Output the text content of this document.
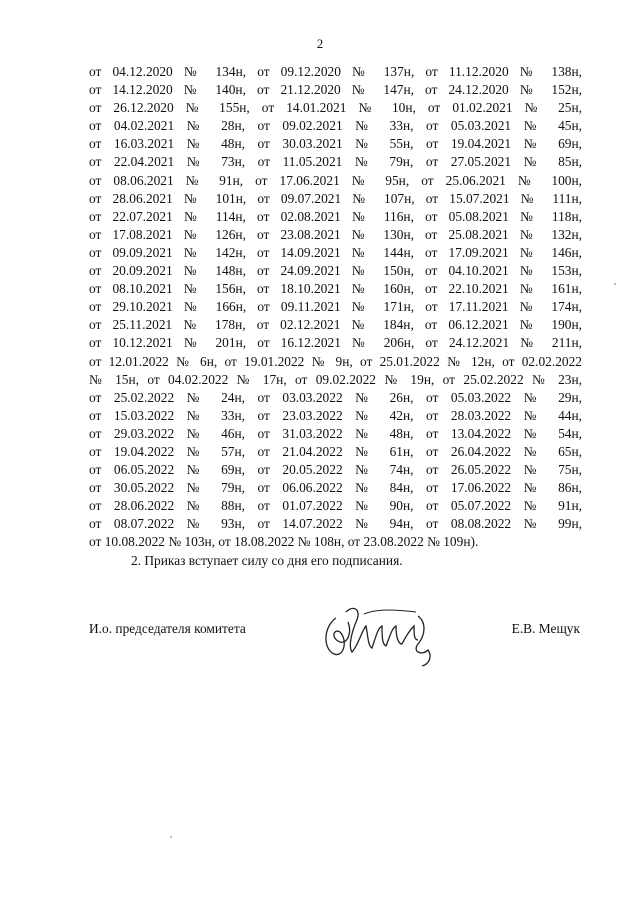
2
от 04.12.2020 № 134н, от 09.12.2020 № 137н, от 11.12.2020 № 138н,
от 14.12.2020 № 140н, от 21.12.2020 № 147н, от 24.12.2020 № 152н,
от 26.12.2020 № 155н, от 14.01.2021 № 10н, от 01.02.2021 № 25н,
от 04.02.2021 № 28н, от 09.02.2021 № 33н, от 05.03.2021 № 45н,
от 16.03.2021 № 48н, от 30.03.2021 № 55н, от 19.04.2021 № 69н,
от 22.04.2021 № 73н, от 11.05.2021 № 79н, от 27.05.2021 № 85н,
от 08.06.2021 № 91н, от 17.06.2021 № 95н, от 25.06.2021 № 100н,
от 28.06.2021 № 101н, от 09.07.2021 № 107н, от 15.07.2021 № 111н,
от 22.07.2021 № 114н, от 02.08.2021 № 116н, от 05.08.2021 № 118н,
от 17.08.2021 № 126н, от 23.08.2021 № 130н, от 25.08.2021 № 132н,
от 09.09.2021 № 142н, от 14.09.2021 № 144н, от 17.09.2021 № 146н,
от 20.09.2021 № 148н, от 24.09.2021 № 150н, от 04.10.2021 № 153н,
от 08.10.2021 № 156н, от 18.10.2021 № 160н, от 22.10.2021 № 161н,
от 29.10.2021 № 166н, от 09.11.2021 № 171н, от 17.11.2021 № 174н,
от 25.11.2021 № 178н, от 02.12.2021 № 184н, от 06.12.2021 № 190н,
от 10.12.2021 № 201н, от 16.12.2021 № 206н, от 24.12.2021 № 211н,
от 12.01.2022 № 6н, от 19.01.2022 № 9н, от 25.01.2022 № 12н, от 02.02.2022
№ 15н, от 04.02.2022 № 17н, от 09.02.2022 № 19н, от 25.02.2022 № 23н,
от 25.02.2022 № 24н, от 03.03.2022 № 26н, от 05.03.2022 № 29н,
от 15.03.2022 № 33н, от 23.03.2022 № 42н, от 28.03.2022 № 44н,
от 29.03.2022 № 46н, от 31.03.2022 № 48н, от 13.04.2022 № 54н,
от 19.04.2022 № 57н, от 21.04.2022 № 61н, от 26.04.2022 № 65н,
от 06.05.2022 № 69н, от 20.05.2022 № 74н, от 26.05.2022 № 75н,
от 30.05.2022 № 79н, от 06.06.2022 № 84н, от 17.06.2022 № 86н,
от 28.06.2022 № 88н, от 01.07.2022 № 90н, от 05.07.2022 № 91н,
от 08.07.2022 № 93н, от 14.07.2022 № 94н, от 08.08.2022 № 99н,
от 10.08.2022 № 103н, от 18.08.2022 № 108н, от 23.08.2022 № 109н).
2. Приказ вступает силу со дня его подписания.
И.о. председателя комитета	Е.В. Мещук
